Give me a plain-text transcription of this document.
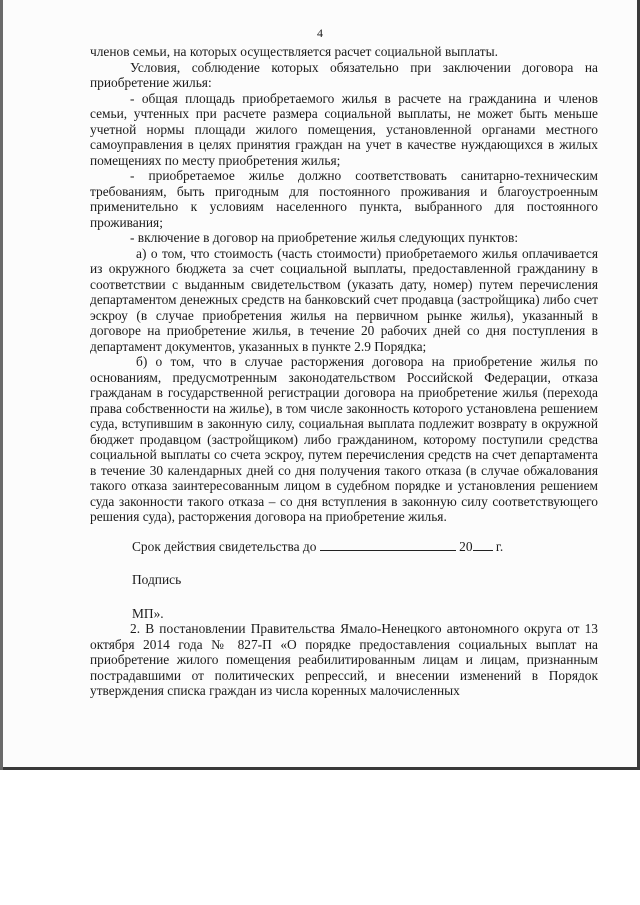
4

членов семьи, на которых осуществляется расчет социальной выплаты.

Условия, соблюдение которых обязательно при заключении договора на приобретение жилья:

- общая площадь приобретаемого жилья в расчете на гражданина и членов семьи, учтенных при расчете размера социальной выплаты, не может быть меньше учетной нормы площади жилого помещения, установленной органами местного самоуправления в целях принятия граждан на учет в качестве нуждающихся в жилых помещениях по месту приобретения жилья;

- приобретаемое жилье должно соответствовать санитарно-техническим требованиям, быть пригодным для постоянного проживания и благоустроенным применительно к условиям населенного пункта, выбранного для постоянного проживания;

- включение в договор на приобретение жилья следующих пунктов:

а) о том, что стоимость (часть стоимости) приобретаемого жилья оплачивается из окружного бюджета за счет социальной выплаты, предоставленной гражданину в соответствии с выданным свидетельством (указать дату, номер) путем перечисления департаментом денежных средств на банковский счет продавца (застройщика) либо счет эскроу (в случае приобретения жилья на первичном рынке жилья), указанный в договоре на приобретение жилья, в течение 20 рабочих дней со дня поступления в департамент документов, указанных в пункте 2.9 Порядка;

б) о том, что в случае расторжения договора на приобретение жилья по основаниям, предусмотренным законодательством Российской Федерации, отказа гражданам в государственной регистрации договора на приобретение жилья (перехода права собственности на жилье), в том числе законность которого установлена решением суда, вступившим в законную силу, социальная выплата подлежит возврату в окружной бюджет продавцом (застройщиком) либо гражданином, которому поступили средства социальной выплаты со счета эскроу, путем перечисления средств на счет департамента в течение 30 календарных дней со дня получения такого отказа (в случае обжалования такого отказа заинтересованным лицом в судебном порядке и установления решением суда законности такого отказа – со дня вступления в законную силу соответствующего решения суда), расторжения договора на приобретение жилья.

Срок действия свидетельства до	20 г.

Подпись

МП».

2. В постановлении Правительства Ямало-Ненецкого автономного округа от 13 октября 2014 года № 827-П «О порядке предоставления социальных выплат на приобретение жилого помещения реабилитированным лицам и лицам, признанным пострадавшими от политических репрессий, и внесении изменений в Порядок утверждения списка граждан из числа коренных малочисленных
